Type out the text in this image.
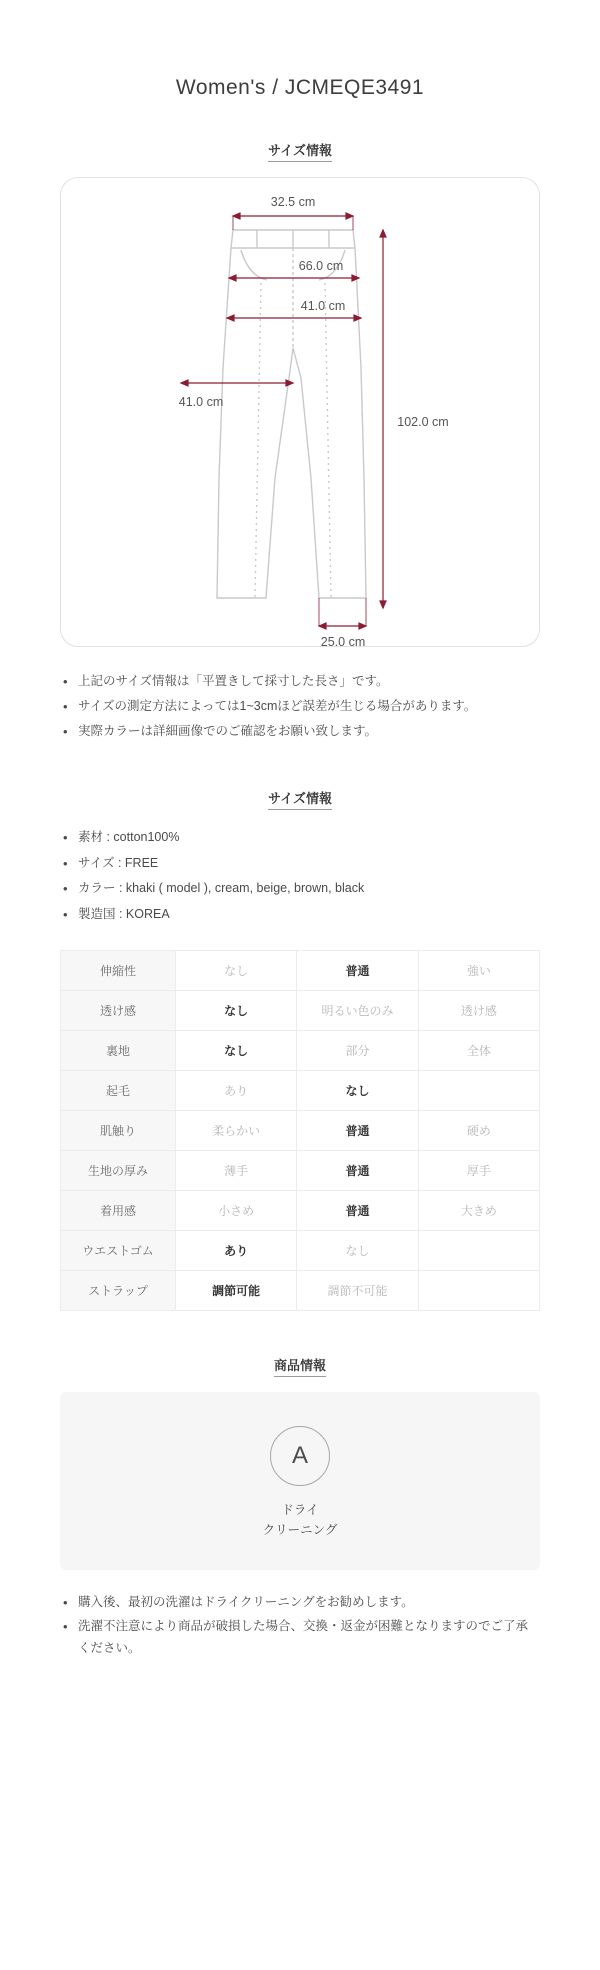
Women's / JCMEQE3491
サイズ情報
32.5 cm
66.0 cm
41.0 cm
41.0 cm
102.0 cm
25.0 cm
• 上記のサイズ情報は「平置きして採寸した長さ」です。
• サイズの測定方法によっては1~3cmほど誤差が生じる場合があります。
• 実際カラーは詳細画像でのご確認をお願い致します。
サイズ情報
• 素材 : cotton100%
• サイズ : FREE
• カラー : khaki ( model ), cream, beige, brown, black
• 製造国 : KOREA
伸縮性	なし	普通	強い
透け感	なし	明るい色のみ	透け感
裏地	なし	部分	全体
起毛	あり	なし	
肌触り	柔らかい	普通	硬め
生地の厚み	薄手	普通	厚手
着用感	小さめ	普通	大きめ
ウエストゴム	あり	なし	
ストラップ	調節可能	調節不可能	
商品情報
A
ドライ
クリーニング
• 購入後、最初の洗濯はドライクリーニングをお勧めします。
• 洗濯不注意により商品が破損した場合、交換・返金が困難となりますのでご了承ください。
